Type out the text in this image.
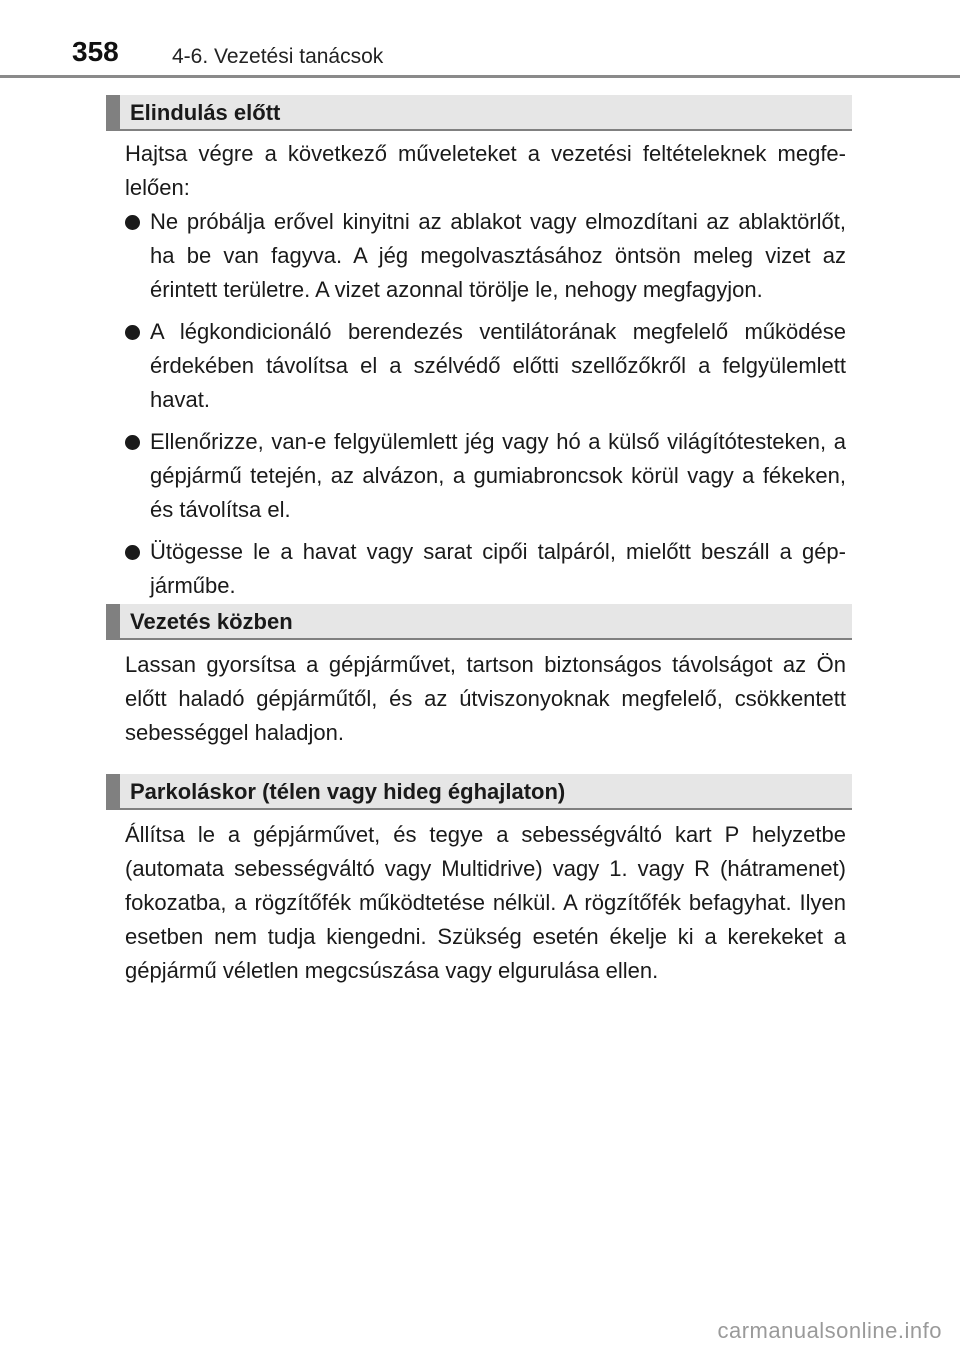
358	4-6. Vezetési tanácsok
Elindulás előtt

Hajtsa végre a következő műveleteket a vezetési feltételeknek megfelelően:

Ne próbálja erővel kinyitni az ablakot vagy elmozdítani az ablaktörlőt, ha be van fagyva. A jég megolvasztásához öntsön meleg vizet az érintett területre. A vizet azonnal törölje le, nehogy megfagyjon.
A légkondicionáló berendezés ventilátorának megfelelő működése érdekében távolítsa el a szélvédő előtti szellőzőkről a felgyülemlett havat.
Ellenőrizze, van-e felgyülemlett jég vagy hó a külső világítótesteken, a gépjármű tetején, az alvázon, a gumiabroncsok körül vagy a fékeken, és távolítsa el.
Ütögesse le a havat vagy sarat cipői talpáról, mielőtt beszáll a gépjárműbe.
Vezetés közben

Lassan gyorsítsa a gépjárművet, tartson biztonságos távolságot az Ön előtt haladó gépjárműtől, és az útviszonyoknak megfelelő, csökkentett sebességgel haladjon.

Parkoláskor (télen vagy hideg éghajlaton)

Állítsa le a gépjárművet, és tegye a sebességváltó kart P helyzetbe (automata sebességváltó vagy Multidrive) vagy 1. vagy R (hátramenet) fokozatba, a rögzítőfék működtetése nélkül. A rögzítőfék befagyhat. Ilyen esetben nem tudja kiengedni. Szükség esetén ékelje ki a kerekeket a gépjármű véletlen megcsúszása vagy elgurulása ellen.

carmanualsonline.info
